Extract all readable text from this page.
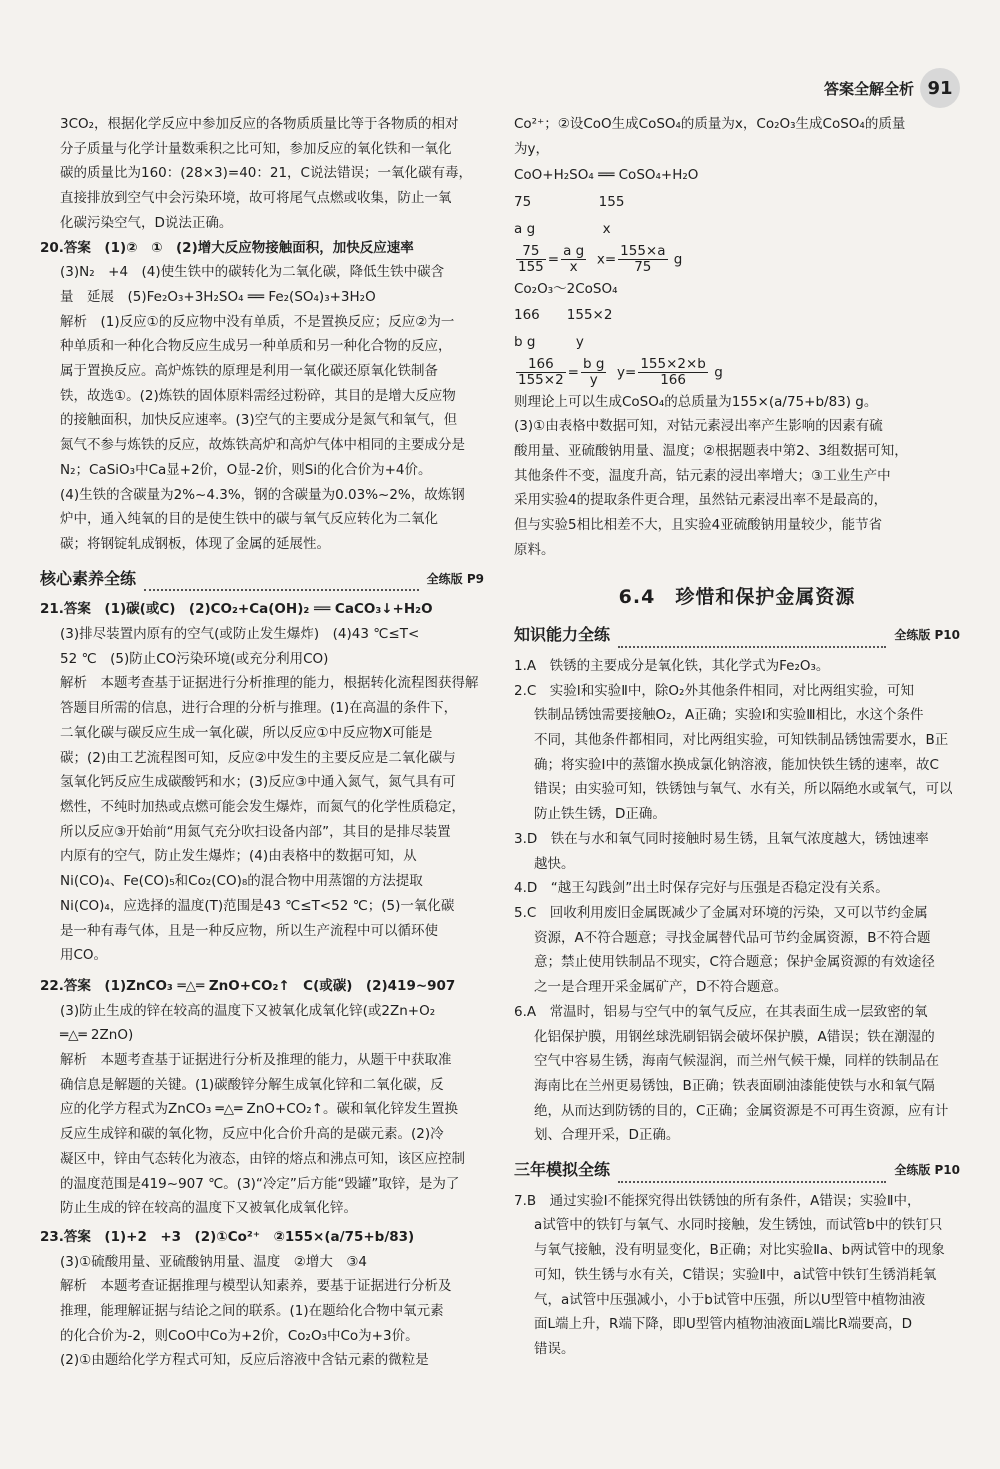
答案全解全析 91

3CO₂，根据化学反应中参加反应的各物质质量比等于各物质的相对

分子质量与化学计量数乘积之比可知，参加反应的氧化铁和一氧化

碳的质量比为160：(28×3)=40：21，C说法错误；一氧化碳有毒，

直接排放到空气中会污染环境，故可将尾气点燃或收集，防止一氧

化碳污染空气，D说法正确。

20.答案　(1)②　①　(2)增大反应物接触面积，加快反应速率

(3)N₂　+4　(4)使生铁中的碳转化为二氧化碳，降低生铁中碳含

量　延展　(5)Fe₂O₃+3H₂SO₄ ══ Fe₂(SO₄)₃+3H₂O

解析　(1)反应①的反应物中没有单质，不是置换反应；反应②为一

种单质和一种化合物反应生成另一种单质和另一种化合物的反应，

属于置换反应。高炉炼铁的原理是利用一氧化碳还原氧化铁制备

铁，故选①。(2)炼铁的固体原料需经过粉碎，其目的是增大反应物

的接触面积，加快反应速率。(3)空气的主要成分是氮气和氧气，但

氮气不参与炼铁的反应，故炼铁高炉和高炉气体中相同的主要成分是

N₂；CaSiO₃中Ca显+2价，O显-2价，则Si的化合价为+4价。

(4)生铁的含碳量为2%~4.3%，钢的含碳量为0.03%~2%，故炼钢

炉中，通入纯氧的目的是使生铁中的碳与氧气反应转化为二氧化

碳；将钢锭轧成钢板，体现了金属的延展性。

核心素养全练	全练版 P9

21.答案　(1)碳(或C)　(2)CO₂+Ca(OH)₂ ══ CaCO₃↓+H₂O

(3)排尽装置内原有的空气(或防止发生爆炸)　(4)43 ℃≤T<

52 ℃　(5)防止CO污染环境(或充分利用CO)

解析　本题考查基于证据进行分析推理的能力，根据转化流程图获得解

答题目所需的信息，进行合理的分析与推理。(1)在高温的条件下，

二氧化碳与碳反应生成一氧化碳，所以反应①中反应物X可能是

碳；(2)由工艺流程图可知，反应②中发生的主要反应是二氧化碳与

氢氧化钙反应生成碳酸钙和水；(3)反应③中通入氮气，氮气具有可

燃性，不纯时加热或点燃可能会发生爆炸，而氮气的化学性质稳定，

所以反应③开始前“用氮气充分吹扫设备内部”，其目的是排尽装置

内原有的空气，防止发生爆炸；(4)由表格中的数据可知，从

Ni(CO)₄、Fe(CO)₅和Co₂(CO)₈的混合物中用蒸馏的方法提取

Ni(CO)₄，应选择的温度(T)范围是43 ℃≤T<52 ℃；(5)一氧化碳

是一种有毒气体，且是一种反应物，所以生产流程中可以循环使

用CO。

22.答案　(1)ZnCO₃ ═△═ ZnO+CO₂↑　C(或碳)　(2)419~907

(3)防止生成的锌在较高的温度下又被氧化成氧化锌(或2Zn+O₂

═△═ 2ZnO)

解析　本题考查基于证据进行分析及推理的能力，从题干中获取准

确信息是解题的关键。(1)碳酸锌分解生成氧化锌和二氧化碳，反

应的化学方程式为ZnCO₃ ═△═ ZnO+CO₂↑。碳和氧化锌发生置换

反应生成锌和碳的氧化物，反应中化合价升高的是碳元素。(2)冷

凝区中，锌由气态转化为液态，由锌的熔点和沸点可知，该区应控制

的温度范围是419~907 ℃。(3)“冷定”后方能“毁罐”取锌，是为了

防止生成的锌在较高的温度下又被氧化成氧化锌。

23.答案　(1)+2　+3　(2)①Co²⁺　②155×(a/75+b/83)

(3)①硫酸用量、亚硫酸钠用量、温度　②增大　③4

解析　本题考查证据推理与模型认知素养，要基于证据进行分析及

推理，能理解证据与结论之间的联系。(1)在题给化合物中氧元素

的化合价为-2，则CoO中Co为+2价，Co₂O₃中Co为+3价。

(2)①由题给化学方程式可知，反应后溶液中含钴元素的微粒是

Co²⁺；②设CoO生成CoSO₄的质量为x，Co₂O₃生成CoSO₄的质量

为y，

CoO+H₂SO₄ ══ CoSO₄+H₂O

75　　　　　155

a g　　　　　x

$\frac{75}{155} = \frac{\text{a g}}{x} x= \frac{155\times a}{75}$ g

Co₂O₃～2CoSO₄

166　　155×2

b g　　　y

$\frac{166}{155\times 2} = \frac{\text{b g}}{y} y= \frac{155\times 2\times b}{166}$ g

则理论上可以生成CoSO₄的总质量为155×(a/75+b/83) g。

(3)①由表格中数据可知，对钴元素浸出率产生影响的因素有硫

酸用量、亚硫酸钠用量、温度；②根据题表中第2、3组数据可知，

其他条件不变，温度升高，钴元素的浸出率增大；③工业生产中

采用实验4的提取条件更合理，虽然钴元素浸出率不是最高的，

但与实验5相比相差不大，且实验4亚硫酸钠用量较少，能节省

原料。

6.4　珍惜和保护金属资源
知识能力全练	全练版 P10

1.A　铁锈的主要成分是氧化铁，其化学式为Fe₂O₃。

2.C　实验Ⅰ和实验Ⅱ中，除O₂外其他条件相同，对比两组实验，可知

铁制品锈蚀需要接触O₂，A正确；实验Ⅰ和实验Ⅲ相比，水这个条件

不同，其他条件都相同，对比两组实验，可知铁制品锈蚀需要水，B正

确；将实验Ⅰ中的蒸馏水换成氯化钠溶液，能加快铁生锈的速率，故C

错误；由实验可知，铁锈蚀与氧气、水有关，所以隔绝水或氧气，可以

防止铁生锈，D正确。

3.D　铁在与水和氧气同时接触时易生锈，且氧气浓度越大，锈蚀速率

越快。

4.D　“越王勾践剑”出土时保存完好与压强是否稳定没有关系。

5.C　回收利用废旧金属既减少了金属对环境的污染，又可以节约金属

资源，A不符合题意；寻找金属替代品可节约金属资源，B不符合题

意；禁止使用铁制品不现实，C符合题意；保护金属资源的有效途径

之一是合理开采金属矿产，D不符合题意。

6.A　常温时，铝易与空气中的氧气反应，在其表面生成一层致密的氧

化铝保护膜，用钢丝球洗刷铝锅会破坏保护膜，A错误；铁在潮湿的

空气中容易生锈，海南气候湿润，而兰州气候干燥，同样的铁制品在

海南比在兰州更易锈蚀，B正确；铁表面刷油漆能使铁与水和氧气隔

绝，从而达到防锈的目的，C正确；金属资源是不可再生资源，应有计

划、合理开采，D正确。

三年模拟全练	全练版 P10

7.B　通过实验Ⅰ不能探究得出铁锈蚀的所有条件，A错误；实验Ⅱ中，

a试管中的铁钉与氧气、水同时接触，发生锈蚀，而试管b中的铁钉只

与氧气接触，没有明显变化，B正确；对比实验Ⅱa、b两试管中的现象

可知，铁生锈与水有关，C错误；实验Ⅱ中，a试管中铁钉生锈消耗氧

气，a试管中压强减小，小于b试管中压强，所以U型管中植物油液

面L端上升，R端下降，即U型管内植物油液面L端比R端要高，D

错误。
